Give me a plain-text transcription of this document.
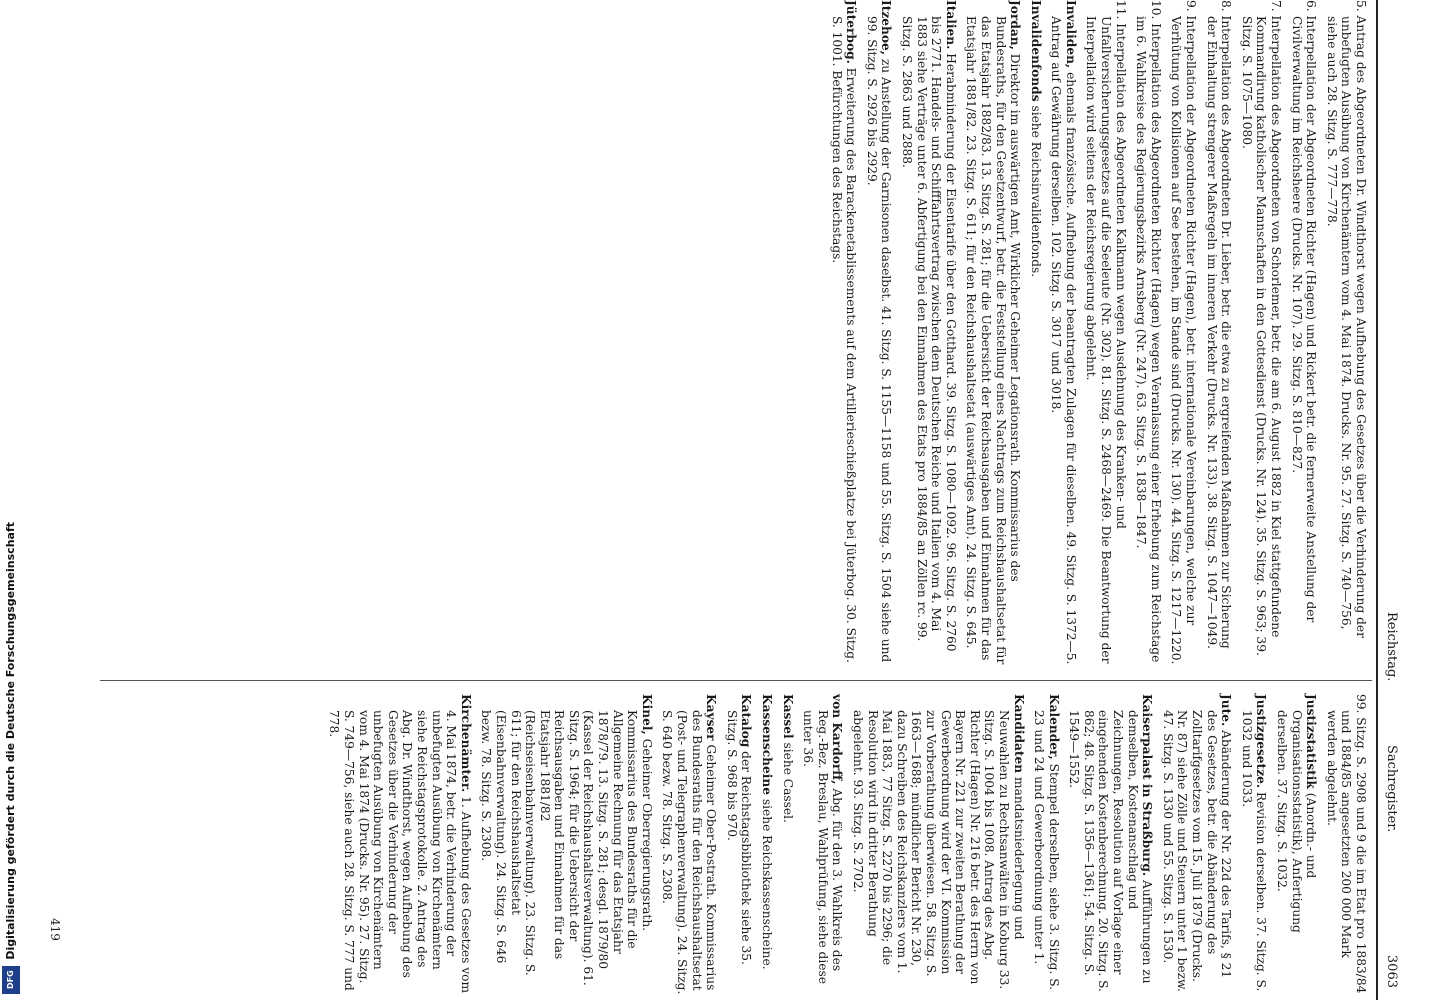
Reichstag.
Sachregister.
3063

5. Antrag des Abgeordneten Dr. Windthorst wegen Aufhebung des Gesetzes über die Verhinderung der unbefugten Ausübung von Kirchenämtern vom 4. Mai 1874. Drucks. Nr. 95. 27. Sitzg. S. 740—756, siehe auch 28. Sitzg. S. 777—778.

6. Interpellation der Abgeordneten Richter (Hagen) und Rickert betr. die fernerweite Anstellung der Civilverwaltung im Reichsheere (Drucks. Nr. 107). 29. Sitzg. S. 810—827.

7. Interpellation des Abgeordneten von Schorlemer, betr. die am 6. August 1882 in Kiel stattgefundene Kommandirung katholischer Mannschaften in den Gottesdienst (Drucks. Nr. 124). 35. Sitzg. S. 963; 39. Sitzg. S. 1075—1080.

8. Interpellation des Abgeordneten Dr. Lieber, betr. die etwa zu ergreifenden Maßnahmen zur Sicherung der Einhaltung strengerer Maßregeln im inneren Verkehr (Drucks. Nr. 133). 38. Sitzg. S. 1047—1049.

9. Interpellation der Abgeordneten Richter (Hagen), betr. internationale Vereinbarungen, welche zur Verhütung von Kollisionen auf See bestehen, im Stande sind (Drucks. Nr. 130). 44. Sitzg. S. 1217—1220.

10. Interpellation des Abgeordneten Richter (Hagen) wegen Veranlassung einer Erhebung zum Reichstage im 6. Wahlkreise des Regierungsbezirks Arnsberg (Nr. 247). 63. Sitzg. S. 1838—1847.

11. Interpellation des Abgeordneten Kalkmann wegen Ausdehnung des Kranken- und Unfallversicherungsgesetzes auf die Seeleute (Nr. 302). 81. Sitzg. S. 2468—2469. Die Beantwortung der Interpellation wird seitens der Reichsregierung abgelehnt.

Invaliden, ehemals französische. Aufhebung der beantragten Zulagen für dieselben. 49. Sitzg. S. 1372—5. Antrag auf Gewährung derselben. 102. Sitzg. S. 3017 und 3018.

Invalidenfonds siehe Reichsinvalidenfonds.

Jordan, Direktor im auswärtigen Amt, Wirklicher Geheimer Legationsrath. Kommissarius des Bundesraths, für den Gesetzentwurf, betr. die Feststellung eines Nachtrags zum Reichshaushaltsetat für das Etatsjahr 1882/83. 13. Sitzg. S. 281; für die Uebersicht der Reichsausgaben und Einnahmen für das Etatsjahr 1881/82. 23. Sitzg. S. 611; für den Reichshaushaltsetat (auswärtiges Amt). 24. Sitzg. S. 645.

Italien. Herabminderung der Eisentarife über den Gotthard. 39. Sitzg. S. 1080—1092. 96. Sitzg. S. 2760 bis 2771. Handels- und Schifffahrtsvertrag zwischen dem Deutschen Reiche und Italien vom 4. Mai 1883 siehe Verträge unter 6. Abfertigung bei den Einnahmen des Etats pro 1884/85 an Zöllen rc. 99. Sitzg. S. 2863 und 2888.

Itzehoe, zu Anstellung der Garnisonen daselbst. 41. Sitzg. S. 1155—1158 und 55. Sitzg. S. 1504 siehe und 99. Sitzg. S. 2926 bis 2929.

Jüterbog. Erweiterung des Barackenetablissements auf dem Artillerieschießplatze bei Jüterbog. 30. Sitzg. S. 1001. Befürchtungen des Reichstags.

99. Sitzg. S. 2908 und 9 die im Etat pro 1883/84 und 1884/85 angesetzten 200 000 Mark werden abgelehnt.

Justizstatistik (Anordn.- und Organisationsstatistik), Anfertigung derselben. 37. Sitzg. S. 1032.

Justizgesetze. Revision derselben. 37. Sitzg. S. 1032 und 1033.

Jute. Abänderung der Nr. 22d des Tarifs, § 21 des Gesetzes, betr. die Abänderung des Zolltarifgesetzes vom 15. Juli 1879 (Drucks. Nr. 87) siehe Zölle und Steuern unter 1 bezw. 47. Sitzg. S. 1330 und 55. Sitzg. S. 1530.

Kaiserpalast in Straßburg. Aufführungen zu demselben, Kostenanschlag und Zeichnungen, Resolution auf Vorlage einer eingehenden Kostenberechnung. 20. Sitzg. S. 862; 48. Sitzg. S. 1356—1361; 54. Sitzg. S. 1549—1552.

Kalender, Stempel derselben, siehe 3. Sitzg. S. 23 und 24 und Gewerbeordnung unter 1.

Kandidaten mandatsniederlegung und Neuwahlen zu Rechtsanwälten in Koburg 33. Sitzg. S. 1004 bis 1008. Antrag des Abg. Richter (Hagen) Nr. 216 betr. des Herrn von Bayern Nr. 221 zur zweiten Berathung der Gewerbeordnung wird der VI. Kommission zur Vorberathung überwiesen. 58. Sitzg. S. 1663—1688; mündlicher Bericht Nr. 230, dazu Schreiben des Reichskanzlers vom 1. Mai 1883, 77 Sitzg. S. 2270 bis 2296; die Resolution wird in dritter Berathung abgelehnt. 93. Sitzg. S. 2702.

von Kardorff, Abg. für den 3. Wahlkreis des Reg.-Bez. Breslau, Wahlprüfung, siehe diese unter 36.

Kassel siehe Cassel.

Kassenscheine siehe Reichskassenscheine.

Katalog der Reichstagsbibliothek siehe 35. Sitzg. S. 968 bis 970.

Kayser Geheimer Ober-Postrath. Kommissarius des Bundesraths für den Reichshaushaltsetat (Post- und Telegraphenverwaltung). 24. Sitzg. S. 640 bezw. 78. Sitzg. S. 2308.

Kinel, Geheimer Oberregierungsrath. Kommissarius des Bundesraths für die Allgemeine Rechnung für das Etatsjahr 1878/79. 13. Sitzg. S. 281; desgl. 1879/80 (Kassel der Reichshaushaltsverwaltung). 61. Sitzg. S. 1964; für die Uebersicht der Reichsausgaben und Einnahmen für das Etatsjahr 1881/82 (Reichseisenbahnverwaltung). 23. Sitzg. S. 611; für den Reichshaushaltsetat (Eisenbahnverwaltung). 24. Sitzg. S. 646 bezw. 78. Sitzg. S. 2308.

Kirchenämter. 1. Aufhebung des Gesetzes vom 4. Mai 1874, betr. die Verhinderung der unbefugten Ausübung von Kirchenämtern siehe Reichstagsprotokolle. 2. Antrag des Abg. Dr. Windthorst, wegen Aufhebung des Gesetzes über die Verhinderung der unbefugten Ausübung von Kirchenämtern vom 4. Mai 1874 (Drucks. Nr. 95). 27. Sitzg. S. 749—756, siehe auch 28. Sitzg. S. 777 und 778.

419
Digitalisierung gefördert durch die Deutsche Forschungsgemeinschaft
DFG
